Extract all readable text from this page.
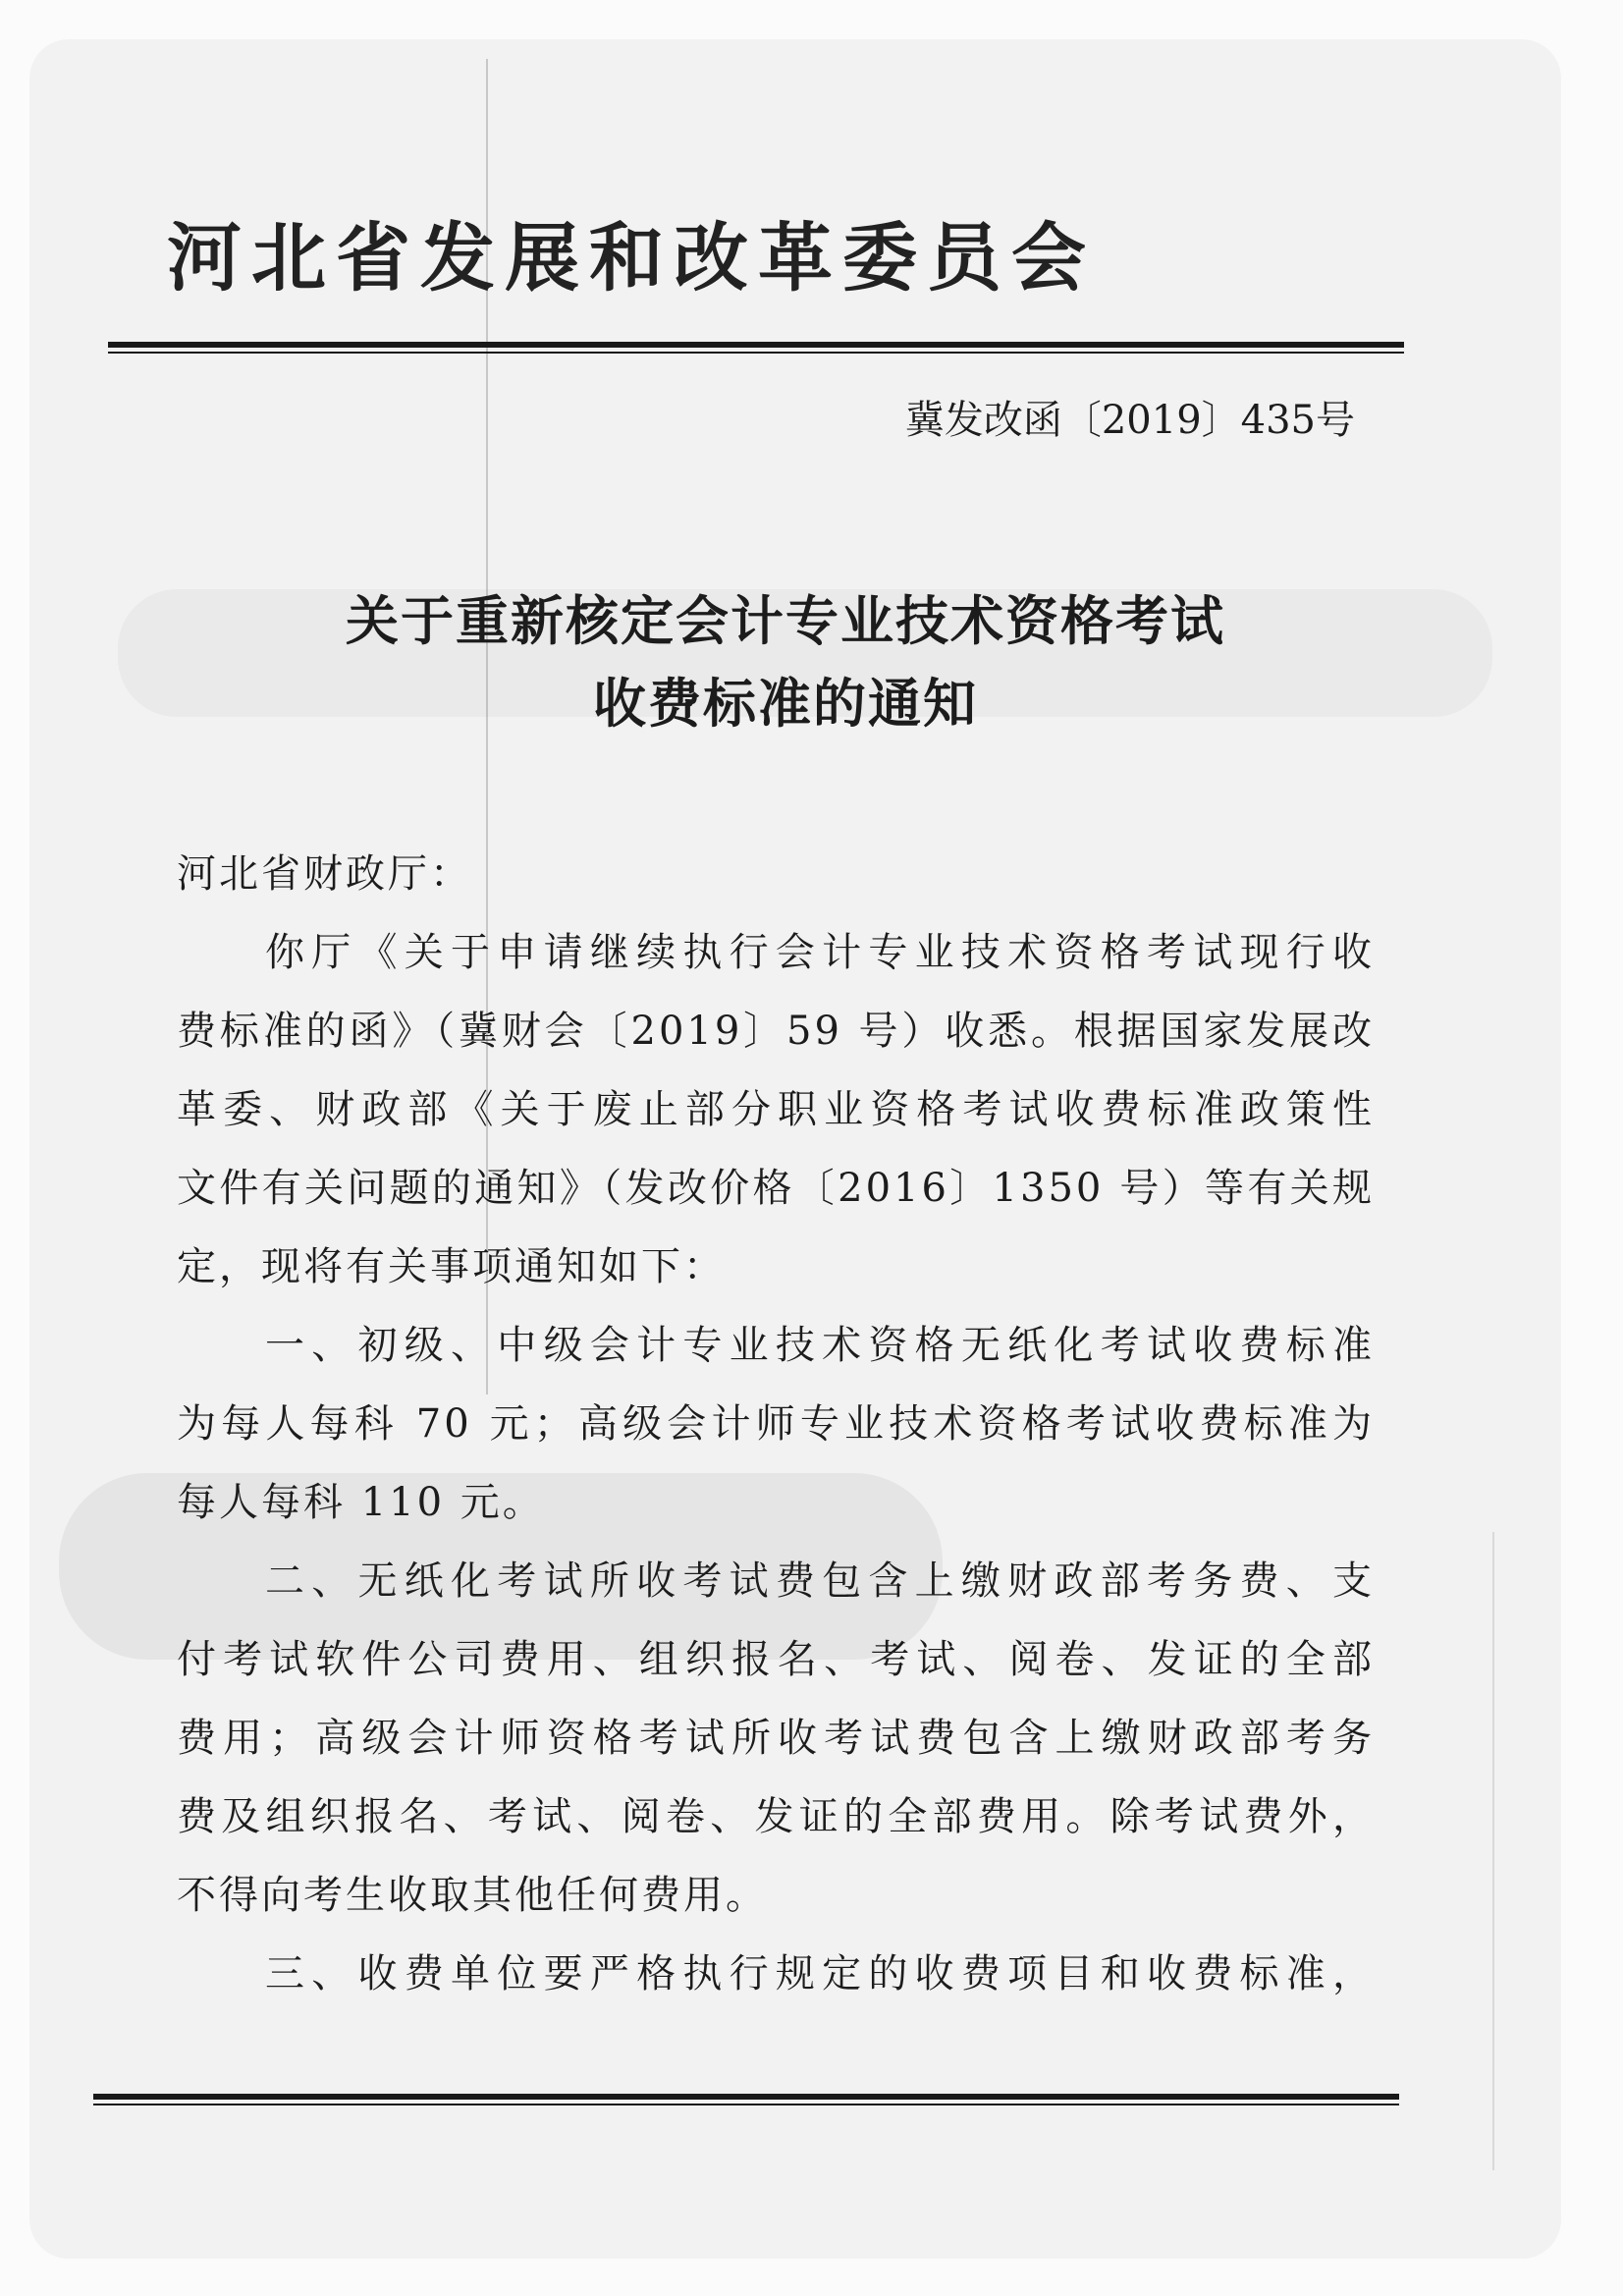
河北省发展和改革委员会
冀发改函〔2019〕435号
关于重新核定会计专业技术资格考试
收费标准的通知
河北省财政厅：
你厅《关于申请继续执行会计专业技术资格考试现行收
费标准的函》（冀财会〔2019〕59 号）收悉。根据国家发展改
革委、财政部《关于废止部分职业资格考试收费标准政策性
文件有关问题的通知》（发改价格〔2016〕1350 号）等有关规
定，现将有关事项通知如下：
一、初级、中级会计专业技术资格无纸化考试收费标准
为每人每科 70 元；高级会计师专业技术资格考试收费标准为
每人每科 110 元。
二、无纸化考试所收考试费包含上缴财政部考务费、支
付考试软件公司费用、组织报名、考试、阅卷、发证的全部
费用；高级会计师资格考试所收考试费包含上缴财政部考务
费及组织报名、考试、阅卷、发证的全部费用。除考试费外，
不得向考生收取其他任何费用。
三、收费单位要严格执行规定的收费项目和收费标准，
